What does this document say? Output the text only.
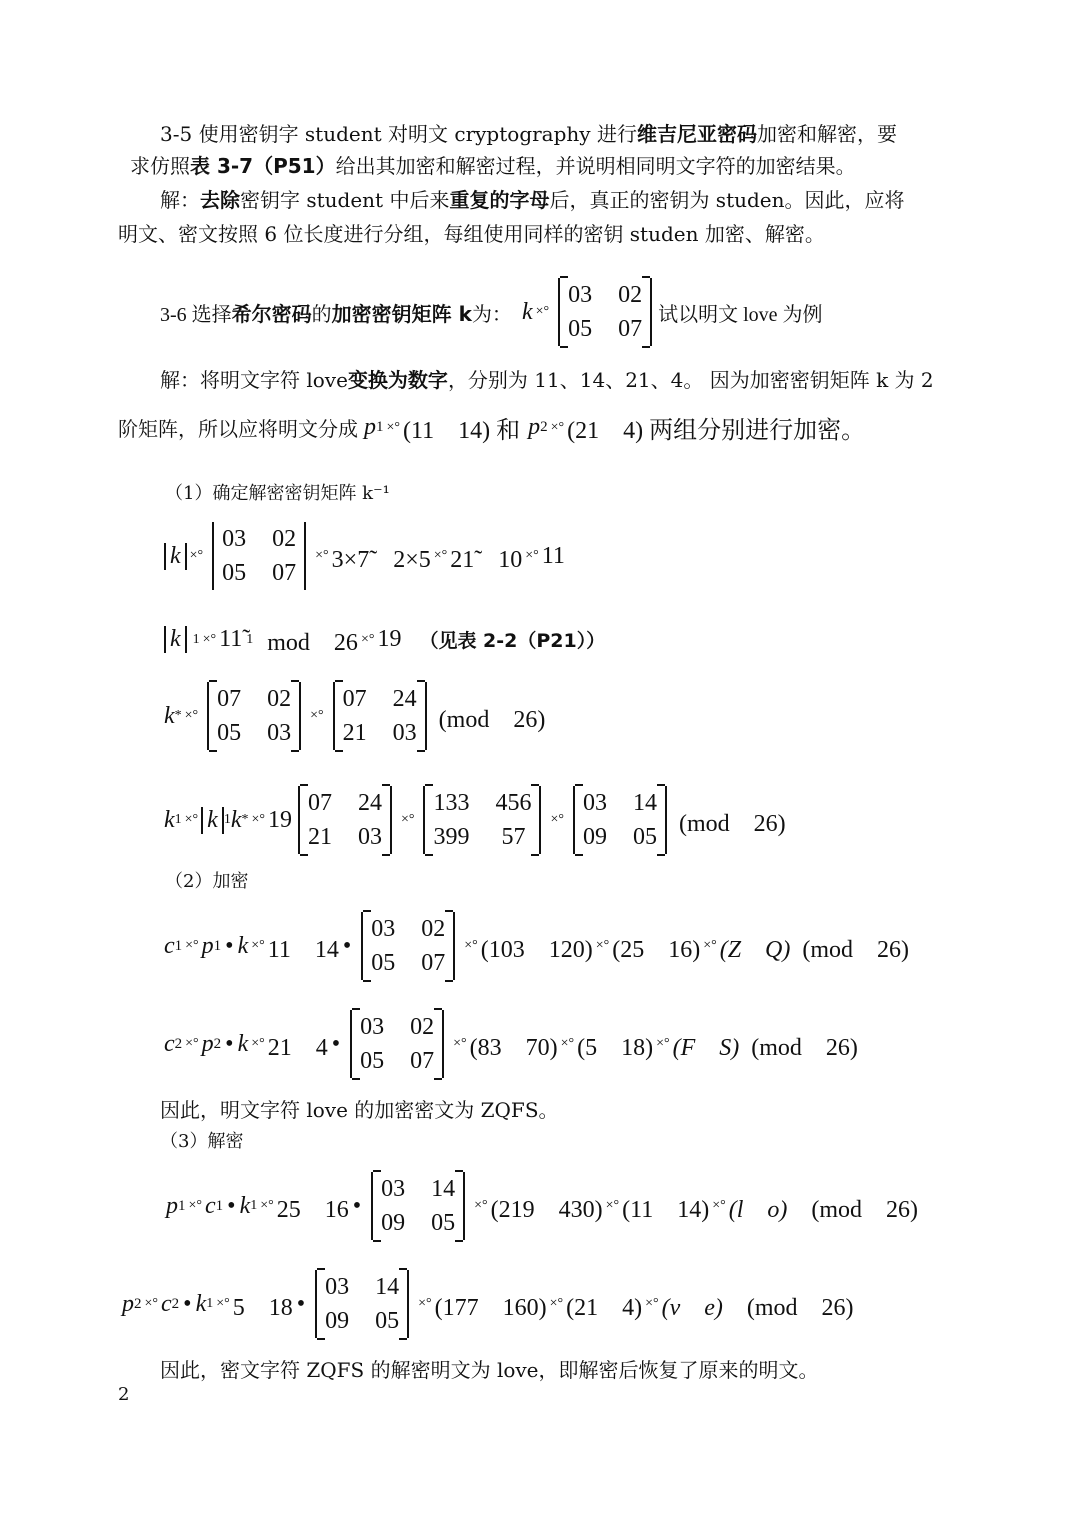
3-5 使用密钥字 student 对明文 cryptography 进行维吉尼亚密码加密和解密，要
求仿照表 3-7（P51）给出其加密和解密过程，并说明相同明文字符的加密结果。
解：去除密钥字 student 中后来重复的字母后，真正的密钥为 studen。因此，应将
明文、密文按照 6 位长度进行分组，每组使用同样的密钥 studen 加密、解密。
3-6 选择 希尔密码 的 加密密钥矩阵 k 为： k ×°
03 02
05 07
试以明文 love 为例
解：将明文字符 love变换为数字，分别为 11、14、21、4。 因为加密密钥矩阵 k 为 2
阶矩阵，所以应将明文分成 p 1 ×° (11　14) 和 p 2 ×° (21　4) 两组分别进行加密。
（1）确定解密密钥矩阵 k⁻¹
k ×°
03 02
05 07
×° 3×7̃　2×5 ×° 21̃　10 ×° 11
k 1 ×° 11̃ 1 mod　26 ×° 19 （见表 2-2（P21））
k * ×°
07 02
05 03
×°
07 24
21 03
(mod　26)
k 1 ×° k 1 k * ×° 19
07 24
21 03
×°
133 456
399 57
×°
03 14
09 05
(mod　26)
（2）加密
c 1 ×° p 1 • k ×° 11　14 •
03 02
05 07
×° (103　120) ×° (25　16) ×° (Z　Q) (mod　26)
c 2 ×° p 2 • k ×° 21　4 •
03 02
05 07
×° (83　70) ×° (5　18) ×° (F　S) (mod　26)
因此，明文字符 love 的加密密文为 ZQFS。
（3）解密
p 1 ×° c 1 • k 1 ×° 25　16 •
03 14
09 05
×° (219　430) ×° (11　14) ×° (l　o) (mod　26)
p 2 ×° c 2 • k 1 ×° 5　18 •
03 14
09 05
×° (177　160) ×° (21　4) ×° (v　e) (mod　26)
因此，密文字符 ZQFS 的解密明文为 love，即解密后恢复了原来的明文。
2
